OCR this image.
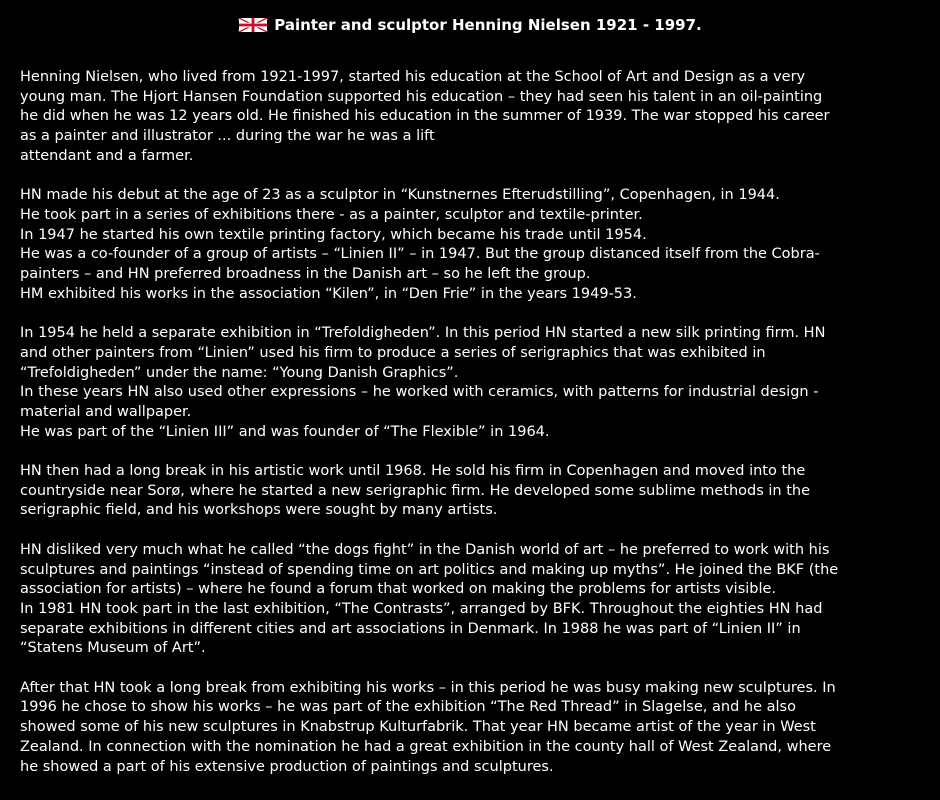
Painter and sculptor Henning Nielsen 1921 - 1997.
Henning Nielsen, who lived from 1921-1997, started his education at the School of Art and Design as a very
young man. The Hjort Hansen Foundation supported his education – they had seen his talent in an oil-painting
he did when he was 12 years old. He finished his education in the summer of 1939. The war stopped his career
as a painter and illustrator ... during the war he was a lift
attendant and a farmer.
HN made his debut at the age of 23 as a sculptor in “Kunstnernes Efterudstilling”, Copenhagen, in 1944.
He took part in a series of exhibitions there - as a painter, sculptor and textile-printer.
In 1947 he started his own textile printing factory, which became his trade until 1954.
He was a co-founder of a group of artists – “Linien II” – in 1947. But the group distanced itself from the Cobra-
painters – and HN preferred broadness in the Danish art – so he left the group.
HM exhibited his works in the association “Kilen”, in “Den Frie” in the years 1949-53.
In 1954 he held a separate exhibition in “Trefoldigheden”. In this period HN started a new silk printing firm. HN
and other painters from “Linien” used his firm to produce a series of serigraphics that was exhibited in
“Trefoldigheden” under the name: “Young Danish Graphics”.
In these years HN also used other expressions – he worked with ceramics, with patterns for industrial design -
material and wallpaper.
He was part of the “Linien III” and was founder of “The Flexible” in 1964.
HN then had a long break in his artistic work until 1968. He sold his firm in Copenhagen and moved into the
countryside near Sorø, where he started a new serigraphic firm. He developed some sublime methods in the
serigraphic field, and his workshops were sought by many artists.
HN disliked very much what he called “the dogs fight” in the Danish world of art – he preferred to work with his
sculptures and paintings “instead of spending time on art politics and making up myths”. He joined the BKF (the
association for artists) – where he found a forum that worked on making the problems for artists visible.
In 1981 HN took part in the last exhibition, “The Contrasts”, arranged by BFK. Throughout the eighties HN had
separate exhibitions in different cities and art associations in Denmark. In 1988 he was part of “Linien II” in
“Statens Museum of Art”.
After that HN took a long break from exhibiting his works – in this period he was busy making new sculptures. In
1996 he chose to show his works – he was part of the exhibition “The Red Thread” in Slagelse, and he also
showed some of his new sculptures in Knabstrup Kulturfabrik. That year HN became artist of the year in West
Zealand. In connection with the nomination he had a great exhibition in the county hall of West Zealand, where
he showed a part of his extensive production of paintings and sculptures.
